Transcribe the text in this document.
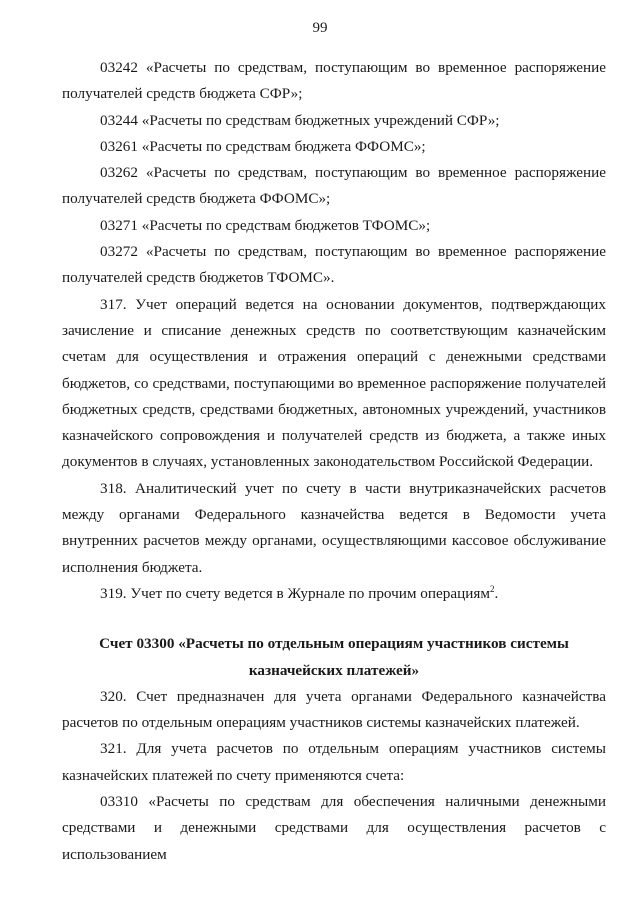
99

03242 «Расчеты по средствам, поступающим во временное распоряжение получателей средств бюджета СФР»;

03244 «Расчеты по средствам бюджетных учреждений СФР»;

03261 «Расчеты по средствам бюджета ФФОМС»;

03262 «Расчеты по средствам, поступающим во временное распоряжение получателей средств бюджета ФФОМС»;

03271 «Расчеты по средствам бюджетов ТФОМС»;

03272 «Расчеты по средствам, поступающим во временное распоряжение получателей средств бюджетов ТФОМС».

317. Учет операций ведется на основании документов, подтверждающих зачисление и списание денежных средств по соответствующим казначейским счетам для осуществления и отражения операций с денежными средствами бюджетов, со средствами, поступающими во временное распоряжение получателей бюджетных средств, средствами бюджетных, автономных учреждений, участников казначейского сопровождения и получателей средств из бюджета, а также иных документов в случаях, установленных законодательством Российской Федерации.

318. Аналитический учет по счету в части внутриказначейских расчетов между органами Федерального казначейства ведется в Ведомости учета внутренних расчетов между органами, осуществляющими кассовое обслуживание исполнения бюджета.

319. Учет по счету ведется в Журнале по прочим операциям$^2$.

Счет 03300 «Расчеты по отдельным операциям участников системы
казначейских платежей»

320. Счет предназначен для учета органами Федерального казначейства расчетов по отдельным операциям участников системы казначейских платежей.

321. Для учета расчетов по отдельным операциям участников системы казначейских платежей по счету применяются счета:

03310 «Расчеты по средствам для обеспечения наличными денежными средствами и денежными средствами для осуществления расчетов с использованием
